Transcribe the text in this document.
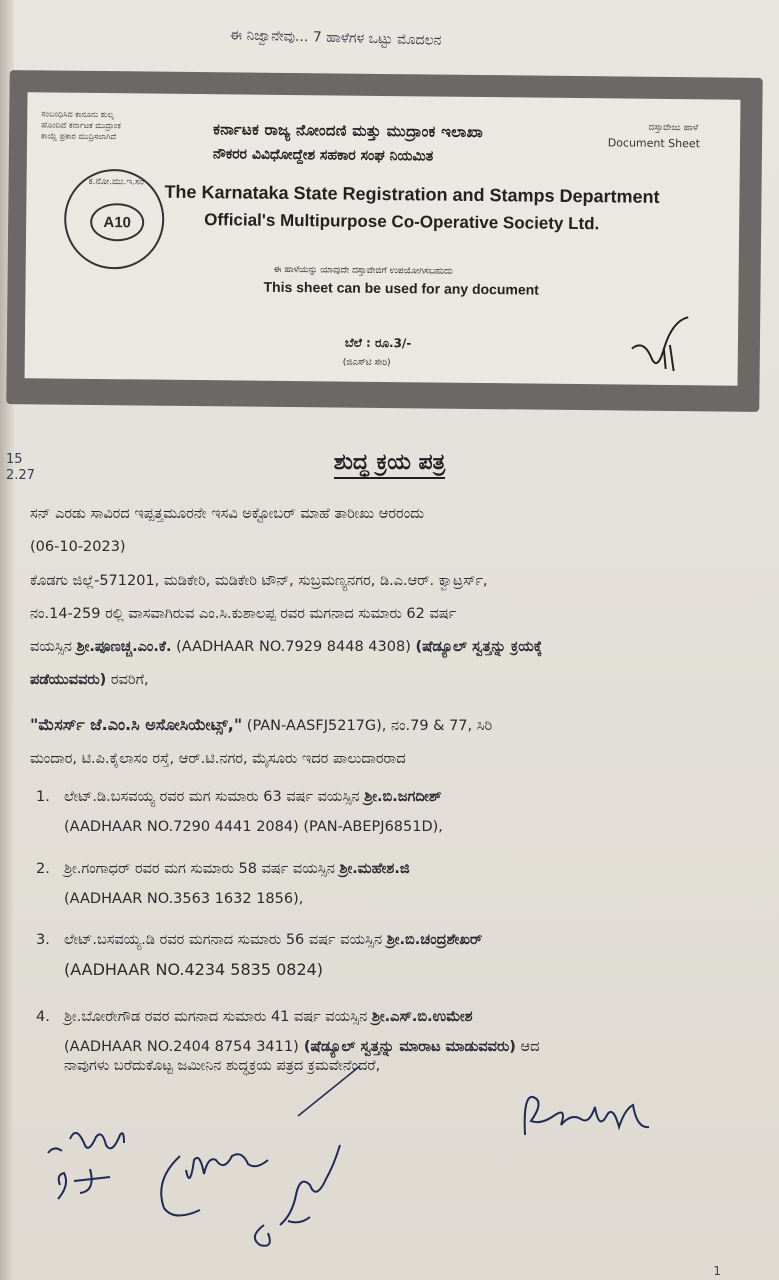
ಈ ನಿಜ್ವಾನೇವು... 7 ಹಾಳೆಗಳ ಒಟ್ಟು ಮೊದಲನ
ಸಂಬಂಧಿಸಿದ ಕಾನೂನು ಶುಲ್ಕ
ಹೊಂದಿದೆ ಕರ್ನಾಟಕ ಮುದ್ರಾಂಕ
ಕಾಯ್ದೆ ಪ್ರಕಾರ ಮುದ್ರಿಸಲಾಗಿದೆ
ದಸ್ತಾವೇಜು ಹಾಳೆ
Document Sheet
ಕ.ನೋ.ಮು.ಇ.ಸಂ
A10
ಕರ್ನಾಟಕ ರಾಜ್ಯ ನೋಂದಣಿ ಮತ್ತು ಮುದ್ರಾಂಕ ಇಲಾಖಾ
ನೌಕರರ ವಿವಿಧೋದ್ದೇಶ ಸಹಕಾರ ಸಂಘ ನಿಯಮಿತ
The Karnataka State Registration and Stamps Department
Official's Multipurpose Co-Operative Society Ltd.
ಈ ಹಾಳೆಯನ್ನು ಯಾವುದೇ ದಸ್ತಾವೇಜಿಗೆ ಉಪಯೋಗಿಸಬಹುದು
This sheet can be used for any document
ಬೆಲೆ : ರೂ.3/-
(ಜಿಎಸ್‌ಟಿ ಸೇರಿ)
15
2.27
ಶುದ್ಧ ಕ್ರಯ ಪತ್ರ
ಸನ್ ಎರಡು ಸಾವಿರದ ಇಪ್ಪತ್ತಮೂರನೇ ಇಸವಿ ಅಕ್ಟೋಬರ್ ಮಾಹೆ ತಾರೀಖು ಆರರಂದು
(06-10-2023)
ಕೊಡಗು ಜಿಲ್ಲೆ-571201, ಮಡಿಕೇರಿ, ಮಡಿಕೇರಿ ಟೌನ್, ಸುಬ್ರಮಣ್ಯನಗರ, ಡಿ.ಎ.ಆರ್. ಕ್ವಾಟ್ರರ್ಸ್,
ನಂ.14-259 ರಲ್ಲಿ ವಾಸವಾಗಿರುವ ಎಂ.ಸಿ.ಕುಶಾಲಪ್ಪ ರವರ ಮಗನಾದ ಸುಮಾರು 62 ವರ್ಷ
ವಯಸ್ಸಿನ ಶ್ರೀ.ಪೂಣಚ್ಚ.ಎಂ.ಕೆ. (AADHAAR NO.7929 8448 4308) (ಷೆಡ್ಯೂಲ್ ಸ್ವತ್ತನ್ನು ಕ್ರಯಕ್ಕೆ
ಪಡೆಯುವವರು) ರವರಿಗೆ,
"ಮೆಸರ್ಸ್ ಜೆ.ಎಂ.ಸಿ ಅಸೋಸಿಯೇಟ್ಸ್," (PAN-AASFJ5217G), ನಂ.79 & 77, ಸಿರಿ
ಮಂದಾರ, ಟಿ.ಪಿ.ಕೈಲಾಸಂ ರಸ್ತೆ, ಆರ್.ಟಿ.ನಗರ, ಮೈಸೂರು ಇದರ ಪಾಲುದಾರರಾದ
1. ಲೇಟ್.ಡಿ.ಬಸವಯ್ಯ ರವರ ಮಗ ಸುಮಾರು 63 ವರ್ಷ ವಯಸ್ಸಿನ ಶ್ರೀ.ಬಿ.ಜಗದೀಶ್
(AADHAAR NO.7290 4441 2084) (PAN-ABEPJ6851D),
2. ಶ್ರೀ.ಗಂಗಾಧರ್ ರವರ ಮಗ ಸುಮಾರು 58 ವರ್ಷ ವಯಸ್ಸಿನ ಶ್ರೀ.ಮಹೇಶ.ಜಿ
(AADHAAR NO.3563 1632 1856),
3. ಲೇಟ್.ಬಸವಯ್ಯ.ಡಿ ರವರ ಮಗನಾದ ಸುಮಾರು 56 ವರ್ಷ ವಯಸ್ಸಿನ ಶ್ರೀ.ಬಿ.ಚಂದ್ರಶೇಖರ್
(AADHAAR NO.4234 5835 0824)
4. ಶ್ರೀ.ಬೋರೇಗೌಡ ರವರ ಮಗನಾದ ಸುಮಾರು 41 ವರ್ಷ ವಯಸ್ಸಿನ ಶ್ರೀ.ಎಸ್.ಬಿ.ಉಮೇಶ
(AADHAAR NO.2404 8754 3411) (ಷೆಡ್ಯೂಲ್ ಸ್ವತ್ತನ್ನು ಮಾರಾಟ ಮಾಡುವವರು) ಆದ
ನಾವುಗಳು ಬರೆದುಕೊಟ್ಟ ಜಮೀನಿನ ಶುದ್ಧಕ್ರಯ ಪತ್ರದ ಕ್ರಮವೇನೆಂದರೆ,
1
